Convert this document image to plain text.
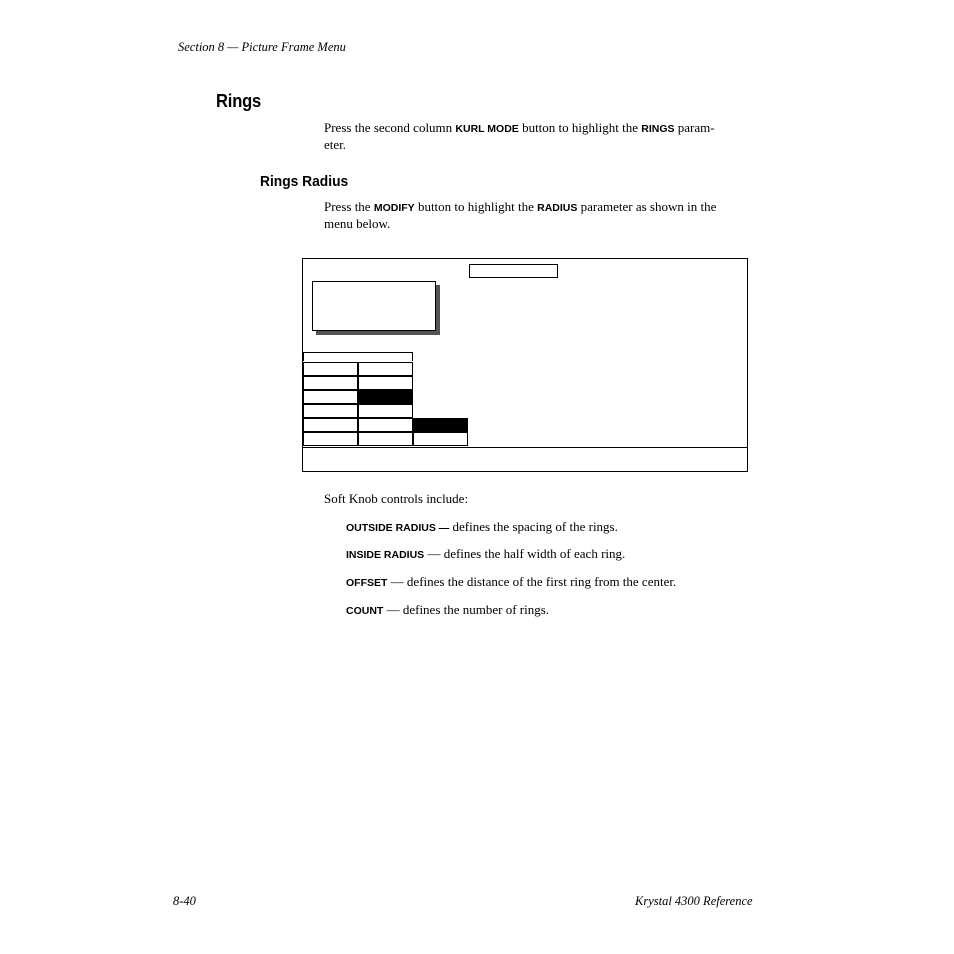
Section 8 — Picture Frame Menu
Rings
Press the second column KURL MODE button to highlight the RINGS param-
eter.
Rings Radius
Press the MODIFY button to highlight the RADIUS parameter as shown in the
menu below.
Soft Knob controls include:
OUTSIDE RADIUS — defines the spacing of the rings.
INSIDE RADIUS — defines the half width of each ring.
OFFSET — defines the distance of the first ring from the center.
COUNT — defines the number of rings.
8-40	Krystal 4300 Reference
